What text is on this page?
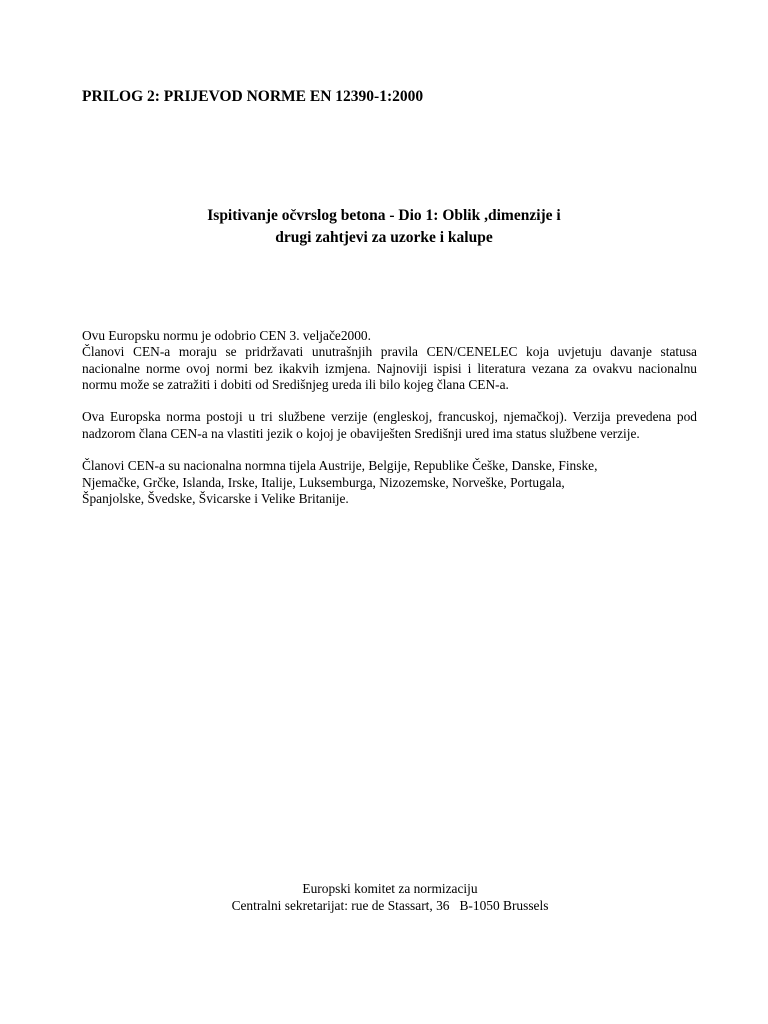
PRILOG 2: PRIJEVOD NORME EN 12390-1:2000
Ispitivanje očvrslog betona - Dio 1: Oblik ,dimenzije i
drugi zahtjevi za uzorke i kalupe

Ovu Europsku normu je odobrio CEN 3. veljače2000.

Članovi CEN-a moraju se pridržavati unutrašnjih pravila CEN/CENELEC koja uvjetuju davanje statusa nacionalne norme ovoj normi bez ikakvih izmjena. Najnoviji ispisi i literatura vezana za ovakvu nacionalnu normu može se zatražiti i dobiti od Središnjeg ureda ili bilo kojeg člana CEN-a.

Ova Europska norma postoji u tri službene verzije (engleskoj, francuskoj, njemačkoj). Verzija prevedena pod nadzorom člana CEN-a na vlastiti jezik o kojoj je obaviješten Središnji ured ima status službene verzije.

Članovi CEN-a su nacionalna normna tijela Austrije, Belgije, Republike Češke, Danske, Finske,
Njemačke, Grčke, Islanda, Irske, Italije, Luksemburga, Nizozemske, Norveške, Portugala,
Španjolske, Švedske, Švicarske i Velike Britanije.

Europski komitet za normizaciju
Centralni sekretarijat: rue de Stassart, 36   B-1050 Brussels
